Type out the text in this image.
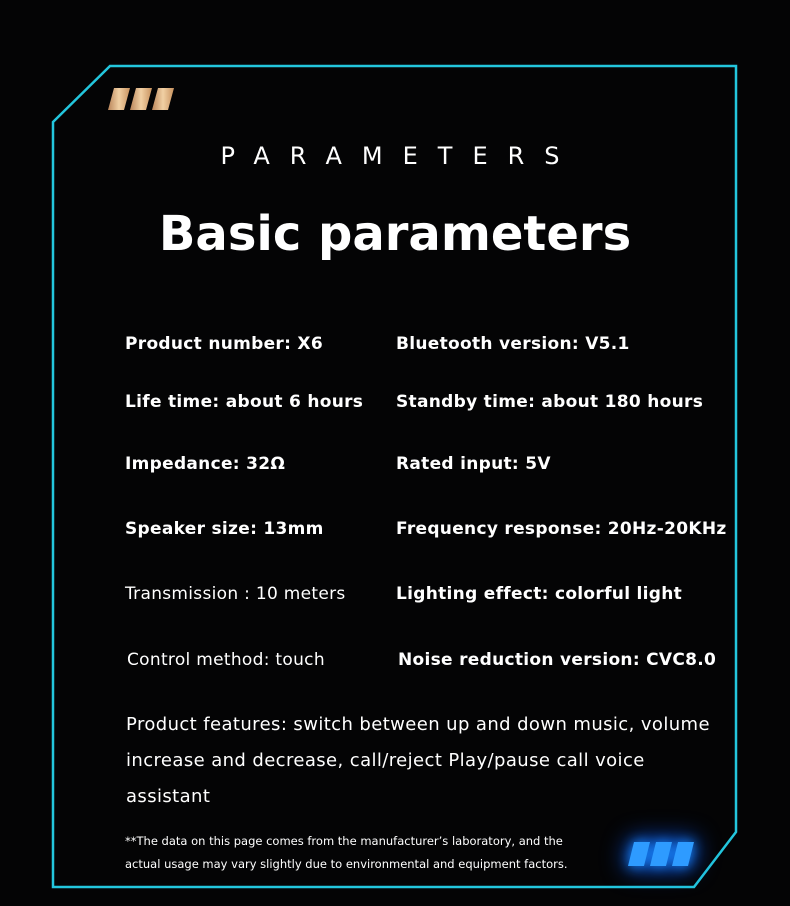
PARAMETERS
Basic parameters
Product number: X6	Bluetooth version: V5.1
Life time: about 6 hours Standby time: about 180 hours
Impedance: 32Ω	Rated input: 5V
Speaker size: 13mm	Frequency response: 20Hz-20KHz
Transmission : 10 meters	Lighting effect: colorful light
Control method: touch	Noise reduction version: CVC8.0
Product features: switch between up and down music, volume
increase and decrease, call/reject Play/pause call voice
assistant
**The data on this page comes from the manufacturer’s laboratory, and the
actual usage may vary slightly due to environmental and equipment factors.
